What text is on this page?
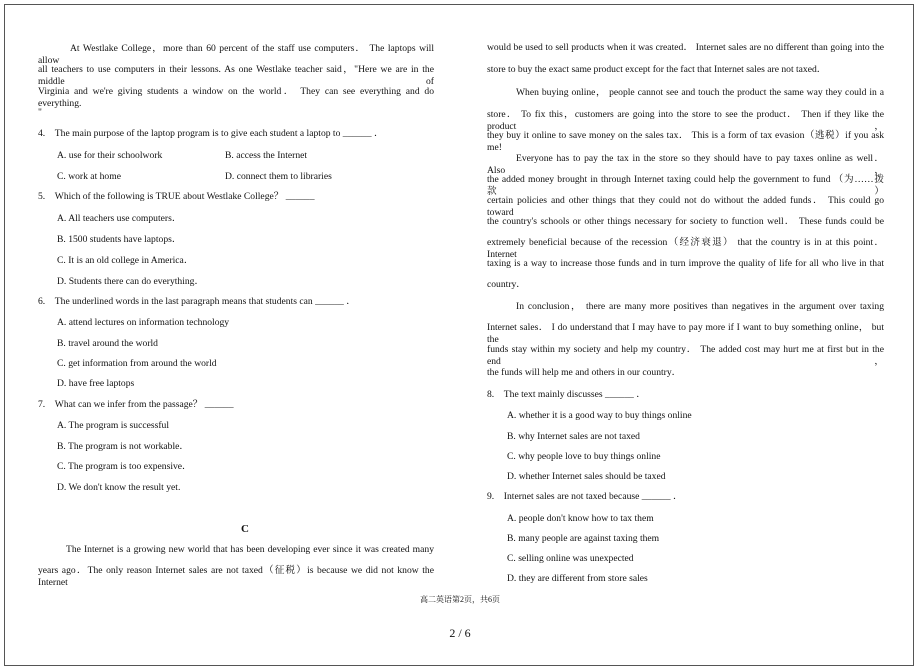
At Westlake College，more than 60 percent of the staff use computers． The laptops will allow
all teachers to use computers in their lessons. As one Westlake teacher said，"Here we are in the middle of
Virginia and we're giving students a window on the world． They can see everything and do everything.
"
4.　The main purpose of the laptop program is to give each student a laptop to ______ ．
A. use for their schoolwork	B. access the Internet
C. work at home	D. connect them to libraries
5.　Which of the following is TRUE about Westlake College？ ______
A. All teachers use computers．
B. 1500 students have laptops．
C. It is an old college in America．
D. Students there can do everything．
6.　The underlined words in the last paragraph means that students can ______ ．
A. attend lectures on information technology
B. travel around the world
C. get information from around the world
D. have free laptops
7.　What can we infer from the passage？ ______
A. The program is successful
B. The program is not workable．
C. The program is too expensive．
D. We don't know the result yet.
C
The Internet is a growing new world that has been developing ever since it was created many
years ago．The only reason Internet sales are not taxed（征税）is because we did not know the Internet
would be used to sell products when it was created． Internet sales are no different than going into the
store to buy the exact same product except for the fact that Internet sales are not taxed．
When buying online， people cannot see and touch the product the same way they could in a
store． To fix this，customers are going into the store to see the product． Then if they like the product，
they buy it online to save money on the sales tax． This is a form of tax evasion（逃税）if you ask me!
Everyone has to pay the tax in the store so they should have to pay taxes online as well． Also，
the added money brought in through Internet taxing could help the government to fund （为……拨款）
certain policies and other things that they could not do without the added funds． This could go toward
the country's schools or other things necessary for society to function well． These funds could be
extremely beneficial because of the recession（经济衰退） that the country is in at this point． Internet
taxing is a way to increase those funds and in turn improve the quality of life for all who live in that
country．
In conclusion， there are many more positives than negatives in the argument over taxing
Internet sales． I do understand that I may have to pay more if I want to buy something online， but the
funds stay within my society and help my country． The added cost may hurt me at first but in the end，
the funds will help me and others in our country．
8.　The text mainly discusses ______ ．
A. whether it is a good way to buy things online
B. why Internet sales are not taxed
C. why people love to buy things online
D. whether Internet sales should be taxed
9.　Internet sales are not taxed because ______ ．
A. people don't know how to tax them
B. many people are against taxing them
C. selling online was unexpected
D. they are different from store sales
高二英语第2页，共6页
2 / 6
